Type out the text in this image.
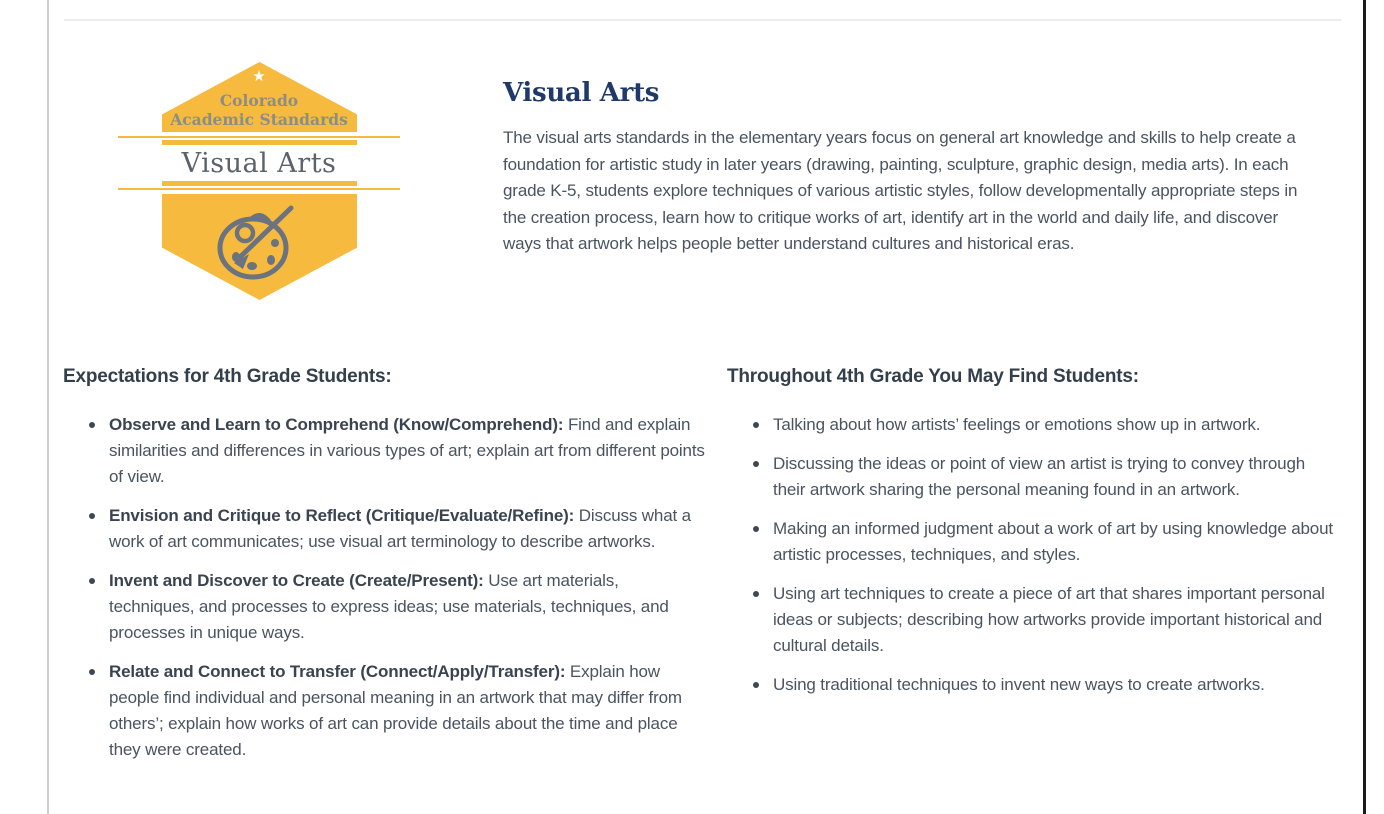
★
Colorado
Academic Standards
Visual Arts
Visual Arts

The visual arts standards in the elementary years focus on general art knowledge and skills to help create a foundation for artistic study in later years (drawing, painting, sculpture, graphic design, media arts). In each grade K-5, students explore techniques of various artistic styles, follow developmentally appropriate steps in the creation process, learn how to critique works of art, identify art in the world and daily life, and discover ways that artwork helps people better understand cultures and historical eras.

Expectations for 4th Grade Students:
Observe and Learn to Comprehend (Know/Comprehend): Find and explain similarities and differences in various types of art; explain art from different points of view.
Envision and Critique to Reflect (Critique/Evaluate/Refine): Discuss what a work of art communicates; use visual art terminology to describe artworks.
Invent and Discover to Create (Create/Present): Use art materials, techniques, and processes to express ideas; use materials, techniques, and processes in unique ways.
Relate and Connect to Transfer (Connect/Apply/Transfer): Explain how people find individual and personal meaning in an artwork that may differ from others’; explain how works of art can provide details about the time and place they were created.
Throughout 4th Grade You May Find Students:
Talking about how artists’ feelings or emotions show up in artwork.
Discussing the ideas or point of view an artist is trying to convey through their artwork sharing the personal meaning found in an artwork.
Making an informed judgment about a work of art by using knowledge about artistic processes, techniques, and styles.
Using art techniques to create a piece of art that shares important personal ideas or subjects; describing how artworks provide important historical and cultural details.
Using traditional techniques to invent new ways to create artworks.
